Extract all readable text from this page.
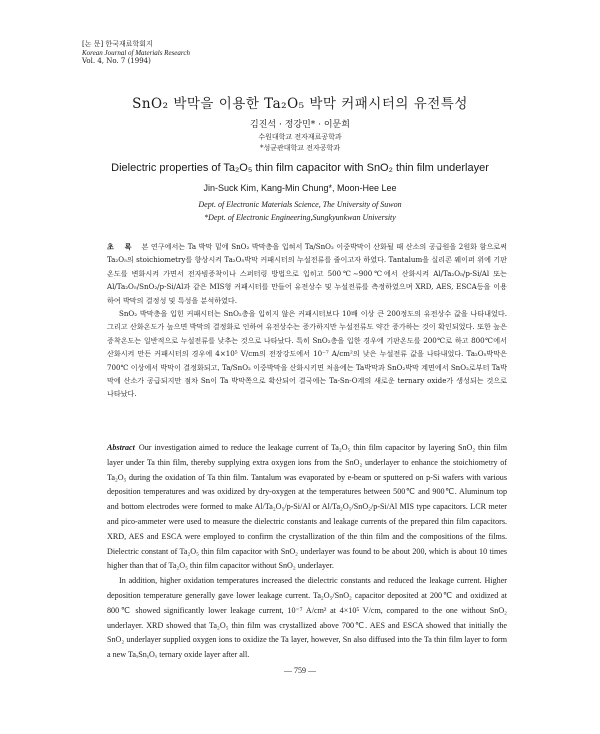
[논 문] 한국재료학회지
Korean Journal of Materials Research
Vol. 4, No. 7 (1994)
SnO₂ 박막을 이용한 Ta₂O₅ 박막 커패시터의 유전특성
김진석 · 정강민* · 이문희
수원대학교 전자재료공학과
*성균관대학교 전자공학과
Dielectric properties of Ta₂O₅ thin film capacitor with SnO₂ thin film underlayer
Jin-Suck Kim, Kang-Min Chung*, Moon-Hee Lee
Dept. of Electronic Materials Science, The University of Suwon
*Dept. of Electronic Engineering,Sungkyunkwan University

초 록 본 연구에서는 Ta 박막 밑에 SnO₂ 박막층을 입혀서 Ta/SnO₂ 이중박막이 산화될 때 산소의 공급원을 2원화 함으로써 Ta₂O₅의 stoichiometry를 향상시켜 Ta₂O₅박막 커패시터의 누설전류를 줄이고자 하였다. Tantalum을 실리콘 웨이퍼 위에 기판온도를 변화시켜 가면서 전자빔증착이나 스퍼터링 방법으로 입히고 500℃∼900℃에서 산화시켜 Al/Ta₂O₅/p-Si/Al 또는 Al/Ta₂O₅/SnO₂/p-Si/Al과 같은 MIS형 커패시터를 만들어 유전상수 및 누설전류를 측정하였으며 XRD, AES, ESCA등을 이용하여 박막의 결정성 및 특성을 분석하였다.

SnO₂ 박막층을 입힌 커패시터는 SnO₂층을 입히지 않은 커패시터보다 10배 이상 큰 200정도의 유전상수 값을 나타내었다. 그리고 산화온도가 높으면 박막의 결정화로 인하여 유전상수는 증가하지만 누설전류도 약간 증가하는 것이 확인되었다. 또한 높은 증착온도는 일반적으로 누설전류를 낮추는 것으로 나타났다. 특히 SnO₂층을 입한 경우에 기판온도를 200℃로 하고 800℃에서 산화시켜 만든 커패시터의 경우에 4×10⁵ V/cm의 전장강도에서 10⁻⁷ A/cm²의 낮은 누설전류 값을 나타내었다. Ta₂O₅박막은 700℃ 이상에서 박막이 결정화되고, Ta/SnO₂ 이중박막을 산화시키면 처음에는 Ta박막과 SnO₂박막 계면에서 SnO₂로부터 Ta박막에 산소가 공급되지만 점차 Sn이 Ta 박막쪽으로 확산되어 결국에는 Ta-Sn-O계의 새로운 ternary oxide가 생성되는 것으로 나타났다.

Abstract Our investigation aimed to reduce the leakage current of Ta₂O₅ thin film capacitor by layering SnO₂ thin film layer under Ta thin film, thereby supplying extra oxygen ions from the SnO₂ underlayer to enhance the stoichiometry of Ta₂O₅ during the oxidation of Ta thin film. Tantalum was evaporated by e-beam or sputtered on p-Si wafers with various deposition temperatures and was oxidized by dry-oxygen at the temperatures between 500℃ and 900℃. Aluminum top and bottom electrodes were formed to make Al/Ta₂O₅/p-Si/Al or Al/Ta₂O₅/SnO₂/p-Si/Al MIS type capacitors. LCR meter and pico-ammeter were used to measure the dielectric constants and leakage currents of the prepared thin film capacitors. XRD, AES and ESCA were employed to confirm the crystallization of the thin film and the compositions of the films. Dielectric constant of Ta₂O₅ thin film capacitor with SnO₂ underlayer was found to be about 200, which is about 10 times higher than that of Ta₂O₅ thin film capacitor without SnO₂ underlayer.

In addition, higher oxidation temperatures increased the dielectric constants and reduced the leakage current. Higher deposition temperature generally gave lower leakage current. Ta₂O₅/SnO₂ capacitor deposited at 200℃ and oxidized at 800℃ showed significantly lower leakage current, 10⁻⁷ A/cm² at 4×10⁵ V/cm, compared to the one without SnO₂ underlayer. XRD showed that Ta₂O₅ thin film was crystallized above 700℃. AES and ESCA showed that initially the SnO₂ underlayer supplied oxygen ions to oxidize the Ta layer, however, Sn also diffused into the Ta thin film layer to form a new TaₓSnᵧOₓ ternary oxide layer after all.

— 759 —
